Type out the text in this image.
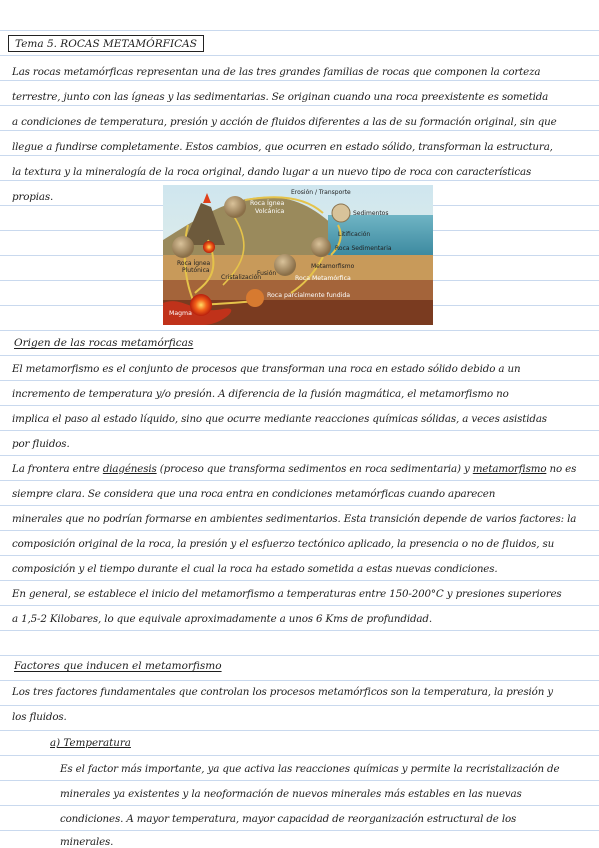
Tema 5. ROCAS METAMÓRFICAS
Las rocas metamórficas representan una de las tres grandes familias de rocas que componen la corteza
terrestre, junto con las ígneas y las sedimentarias. Se originan cuando una roca preexistente es sometida
a condiciones de temperatura, presión y acción de fluidos diferentes a las de su formación original, sin que
llegue a fundirse completamente. Estos cambios, que ocurren en estado sólido, transforman la estructura,
la textura y la mineralogía de la roca original, dando lugar a un nuevo tipo de roca con características
propias.	Erosión / Transporte
Roca Ígnea
Volcánica	Sedimentos
Litificación
Roca Sedimentaria
Roca Ígnea
Plutónica	Fusión
Metamorfismo
Roca Metamórfica
Cristalización
Roca parcialmente fundida
Magma
Origen de las rocas metamórficas
El metamorfismo es el conjunto de procesos que transforman una roca en estado sólido debido a un
incremento de temperatura y/o presión. A diferencia de la fusión magmática, el metamorfismo no
implica el paso al estado líquido, sino que ocurre mediante reacciones químicas sólidas, a veces asistidas
por fluidos.
La frontera entre diagénesis (proceso que transforma sedimentos en roca sedimentaria) y metamorfismo no es
siempre clara. Se considera que una roca entra en condiciones metamórficas cuando aparecen
minerales que no podrían formarse en ambientes sedimentarios. Esta transición depende de varios factores: la
composición original de la roca, la presión y el esfuerzo tectónico aplicado, la presencia o no de fluidos, su
composición y el tiempo durante el cual la roca ha estado sometida a estas nuevas condiciones.
En general, se establece el inicio del metamorfismo a temperaturas entre 150-200°C y presiones superiores
a 1,5-2 Kilobares, lo que equivale aproximadamente a unos 6 Kms de profundidad.
Factores que inducen el metamorfismo
Los tres factores fundamentales que controlan los procesos metamórficos son la temperatura, la presión y
los fluidos.
a) Temperatura
Es el factor más importante, ya que activa las reacciones químicas y permite la recristalización de
minerales ya existentes y la neoformación de nuevos minerales más estables en las nuevas
condiciones. A mayor temperatura, mayor capacidad de reorganización estructural de los
minerales.
